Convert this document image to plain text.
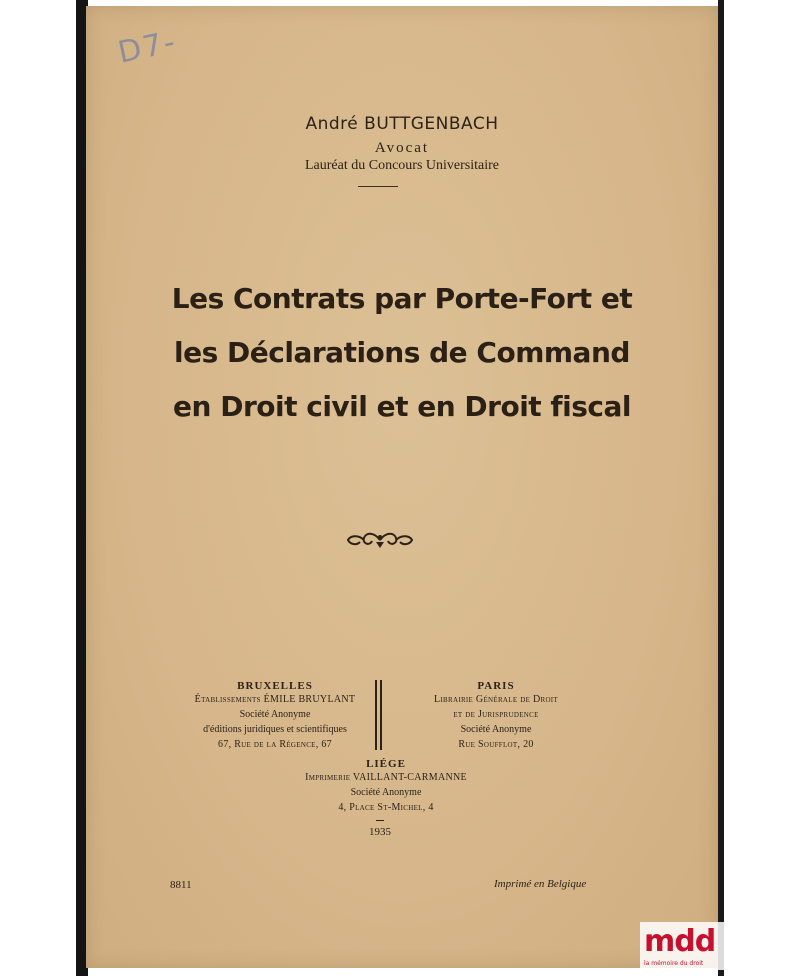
D7-
André BUTTGENBACH
Avocat
Lauréat du Concours Universitaire
Les Contrats par Porte-Fort et
les Déclarations de Command
en Droit civil et en Droit fiscal
BRUXELLES
Établissements ÉMILE BRUYLANT
Société Anonyme
d'éditions juridiques et scientifiques
67, Rue de la Régence, 67
PARIS
Librairie Générale de Droit
et de Jurisprudence
Société Anonyme
Rue Soufflot, 20
LIÉGE
Imprimerie VAILLANT-CARMANNE
Société Anonyme
4, Place St-Michel, 4
1935
8811	Imprimé en Belgique
mdd
la mémoire du droit
